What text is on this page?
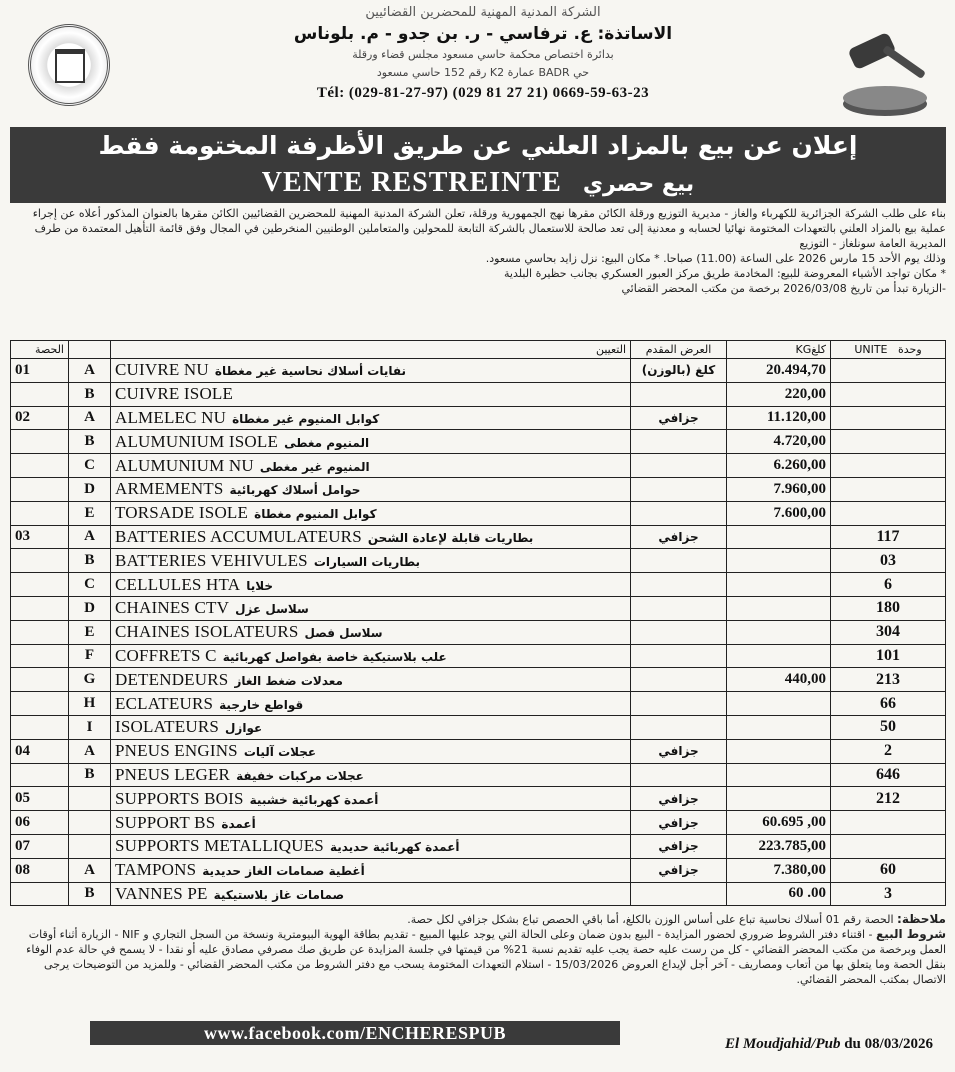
الشركة المدنية المهنية للمحضرين القضائيين
الاساتذة: ع. ترفاسي - ر. بن جدو - م. بلوناس
بدائرة اختصاص محكمة حاسي مسعود مجلس قضاء ورقلة
حي BADR عمارة K2 رقم 152 حاسي مسعود
Tél: (029-81-27-97) (029 81 27 21) 0669-59-63-23
إعلان عن بيع بالمزاد العلني عن طريق الأظرفة المختومة فقط
VENTE RESTREINTE بيع حصري

بناء على طلب الشركة الجزائرية للكهرباء والغاز - مديرية التوزيع ورقلة الكائن مقرها نهج الجمهورية ورقلة، تعلن الشركة المدنية المهنية للمحضرين القضائيين الكائن مقرها بالعنوان المذكور أعلاه عن إجراء عملية بيع بالمزاد العلني بالتعهدات المختومة نهائيا لحسابه و معدنية إلى تعد صالحة للاستعمال بالشركة التابعة للمحولين والمتعاملين الوطنيين المنخرطين في المجال وفق قائمة التأهيل المعتمدة من طرف المديرية العامة سونلغاز - التوزيع

وذلك يوم الأحد 15 مارس 2026 على الساعة (11.00) صباحا. * مكان البيع: نزل زايد بحاسي مسعود.

* مكان تواجد الأشياء المعروضة للبيع: المخادمة طريق مركز العبور العسكري بجانب حظيرة البلدية

-الزيارة تبدأ من تاريخ 2026/03/08 برخصة من مكتب المحضر القضائي

الحصة		التعيين	العرض المقدم	KGكلغ	UNITE وحدة
01	A	CUIVRE NU نفايات أسلاك نحاسية غير مغطاة	(بالوزن) كلغ	20.494,70	
	B	CUIVRE ISOLE		220,00	
02	A	ALMELEC NU كوابل المنيوم غير مغطاة	جزافي	11.120,00	
	B	ALUMUNIUM ISOLE المنيوم مغطى		4.720,00	
	C	ALUMUNIUM NU المنيوم غير مغطى		6.260,00	
	D	ARMEMENTS حوامل أسلاك كهربائية		7.960,00	
	E	TORSADE ISOLE كوابل المنيوم مغطاة		7.600,00	
03	A	BATTERIES ACCUMULATEURS بطاريات قابلة لإعادة الشحن	جزافي		117
	B	BATTERIES VEHIVULES بطاريات السيارات			03
	C	CELLULES HTA خلايا			6
	D	CHAINES CTV سلاسل عزل			180
	E	CHAINES ISOLATEURS سلاسل فصل			304
	F	COFFRETS C علب بلاستيكية خاصة بفواصل كهربائية			101
	G	DETENDEURS معدلات ضغط الغاز		440,00	213
	H	ECLATEURS قواطع خارجية			66
	I	ISOLATEURS عوازل			50
04	A	PNEUS ENGINS عجلات آليات	جزافي		2
	B	PNEUS LEGER عجلات مركبات خفيفة			646
05		SUPPORTS BOIS أعمدة كهربائية خشبية	جزافي		212
06		SUPPORT BS أعمدة	جزافي	60.695 ,00	
07		SUPPORTS METALLIQUES أعمدة كهربائية حديدية	جزافي	223.785,00	
08	A	TAMPONS أغطية صمامات الغاز حديدية	جزافي	7.380,00	60
	B	VANNES PE صمامات غاز بلاستيكية		60 .00	3

ملاحظة: الحصة رقم 01 أسلاك نحاسية تباع على أساس الوزن بالكلغ، أما باقي الحصص تباع بشكل جزافي لكل حصة.

شروط البيع - اقتناء دفتر الشروط ضروري لحضور المزايدة - البيع بدون ضمان وعلى الحالة التي يوجد عليها المبيع - تقديم بطاقة الهوية البيومترية ونسخة من السجل التجاري و NIF - الزيارة أثناء أوقات العمل وبرخصة من مكتب المحضر القضائي - كل من رست عليه حصة يجب عليه تقديم نسبة 21% من قيمتها في جلسة المزايدة عن طريق صك مصرفي مصادق عليه أو نقدا - لا يسمح في حالة عدم الوفاء بنقل الحصة وما يتعلق بها من أتعاب ومصاريف - آخر أجل لإيداع العروض 15/03/2026 - استلام التعهدات المختومة يسحب مع دفتر الشروط من مكتب المحضر القضائي - وللمزيد من التوضيحات يرجى الاتصال بمكتب المحضر القضائي.

www.facebook.com/ENCHERESPUB
El Moudjahid/Pub du 08/03/2026
